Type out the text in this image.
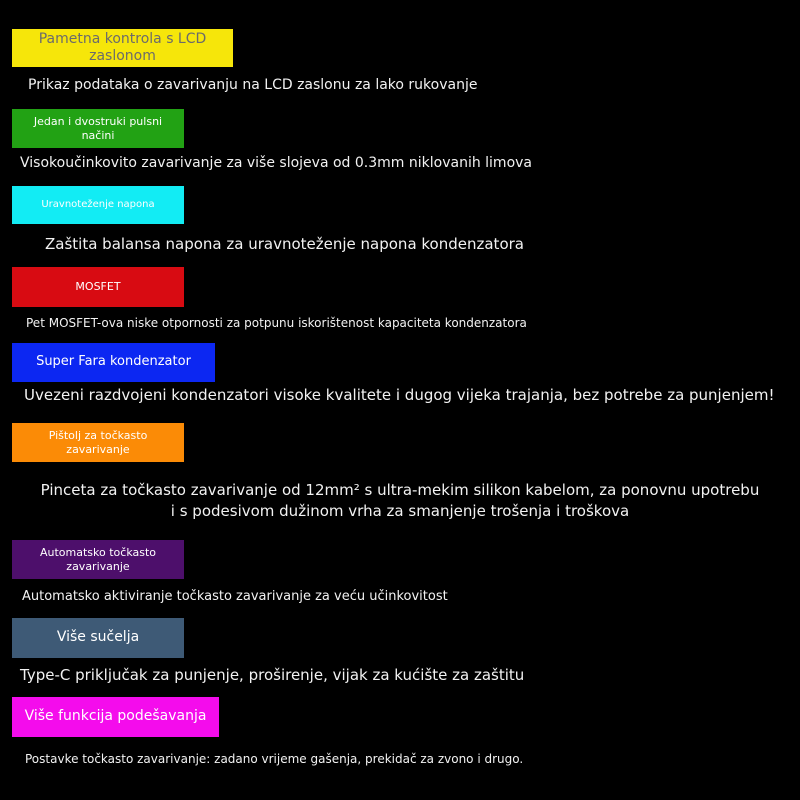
Pametna kontrola s LCD zaslonom
Prikaz podataka o zavarivanju na LCD zaslonu za lako rukovanje
Jedan i dvostruki pulsni načini
Visokoučinkovito zavarivanje za više slojeva od 0.3mm niklovanih limova
Uravnoteženje napona
Zaštita balansa napona za uravnoteženje napona kondenzatora
MOSFET
Pet MOSFET-ova niske otpornosti za potpunu iskorištenost kapaciteta kondenzatora
Super Fara kondenzator
Uvezeni razdvojeni kondenzatori visoke kvalitete i dugog vijeka trajanja, bez potrebe za punjenjem!
Pištolj za točkasto zavarivanje
Pinceta za točkasto zavarivanje od 12mm² s ultra-mekim silikon kabelom, za ponovnu upotrebu i s podesivom dužinom vrha za smanjenje trošenja i troškova
Automatsko točkasto zavarivanje
Automatsko aktiviranje točkasto zavarivanje za veću učinkovitost
Više sučelja
Type-C priključak za punjenje, proširenje, vijak za kućište za zaštitu
Više funkcija podešavanja
Postavke točkasto zavarivanje: zadano vrijeme gašenja, prekidač za zvono i drugo.
